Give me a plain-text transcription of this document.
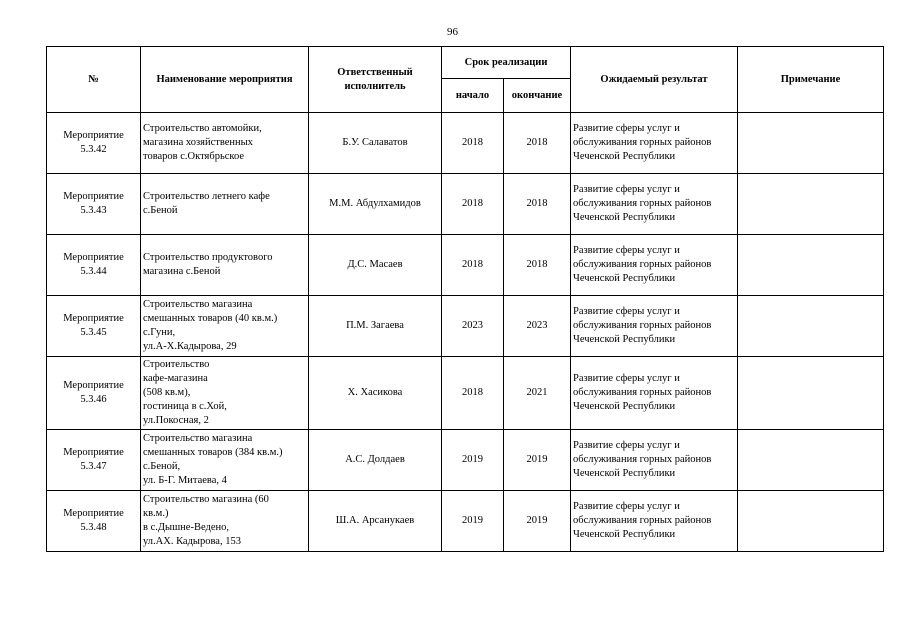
96
№	Наименование мероприятия	Ответственный исполнитель	Срок реализации		Ожидаемый результат	Примечание
			начало	окончание		
Мероприятие
5.3.42	Строительство автомойки,
магазина хозяйственных
товаров с.Октябрьское	Б.У. Салаватов	2018	2018	Развитие сферы услуг и
обслуживания горных районов
Чеченской Республики	
Мероприятие
5.3.43	Строительство летнего кафе
с.Беной	М.М. Абдулхамидов	2018	2018	Развитие сферы услуг и
обслуживания горных районов
Чеченской Республики	
Мероприятие
5.3.44	Строительство продуктового
магазина с.Беной	Д.С. Масаев	2018	2018	Развитие сферы услуг и
обслуживания горных районов
Чеченской Республики	
Мероприятие
5.3.45	Строительство магазина
смешанных товаров (40 кв.м.)
с.Гуни,
ул.А-Х.Кадырова, 29	П.М. Загаева	2023	2023	Развитие сферы услуг и
обслуживания горных районов
Чеченской Республики	
Мероприятие
5.3.46	Строительство
кафе-магазина
(508 кв.м),
гостиница в с.Хой,
ул.Покосная, 2	Х. Хасикова	2018	2021	Развитие сферы услуг и
обслуживания горных районов
Чеченской Республики	
Мероприятие
5.3.47	Строительство магазина
смешанных товаров (384 кв.м.)
с.Беной,
ул. Б-Г. Митаева, 4	А.С. Долдаев	2019	2019	Развитие сферы услуг и
обслуживания горных районов
Чеченской Республики	
Мероприятие
5.3.48	Строительство магазина (60
кв.м.)
в с.Дышне-Ведено,
ул.АХ. Кадырова, 153	Ш.А. Арсанукаев	2019	2019	Развитие сферы услуг и
обслуживания горных районов
Чеченской Республики	
